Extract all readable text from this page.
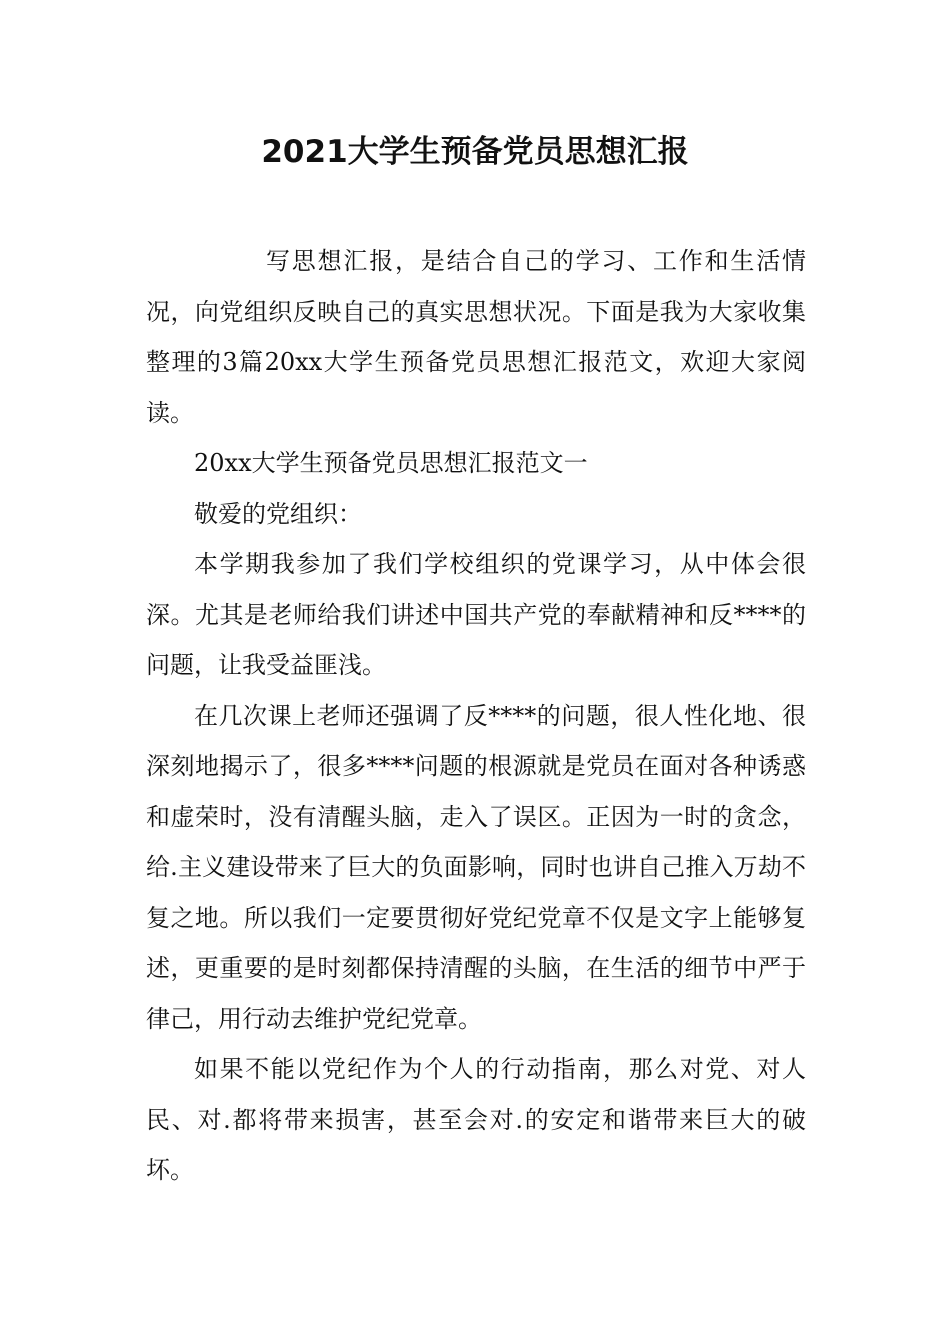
2021大学生预备党员思想汇报

写思想汇报，是结合自己的学习、工作和生活情况，向党组织反映自己的真实思想状况。下面是我为大家收集整理的3篇20xx大学生预备党员思想汇报范文，欢迎大家阅读。

20xx大学生预备党员思想汇报范文一

敬爱的党组织：

本学期我参加了我们学校组织的党课学习，从中体会很深。尤其是老师给我们讲述中国共产党的奉献精神和反****的问题，让我受益匪浅。

在几次课上老师还强调了反****的问题，很人性化地、很深刻地揭示了，很多****问题的根源就是党员在面对各种诱惑和虚荣时，没有清醒头脑，走入了误区。正因为一时的贪念，给.主义建设带来了巨大的负面影响，同时也讲自己推入万劫不复之地。所以我们一定要贯彻好党纪党章不仅是文字上能够复述，更重要的是时刻都保持清醒的头脑，在生活的细节中严于律己，用行动去维护党纪党章。

如果不能以党纪作为个人的行动指南，那么对党、对人民、对.都将带来损害，甚至会对.的安定和谐带来巨大的破坏。
